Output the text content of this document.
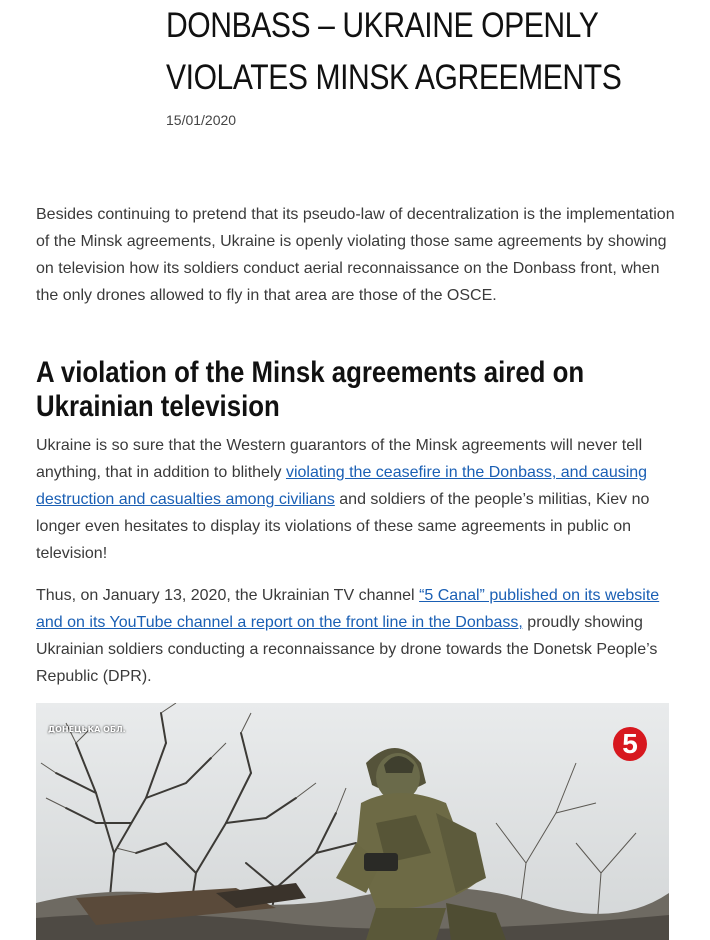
DONBASS – UKRAINE OPENLY
VIOLATES MINSK AGREEMENTS
15/01/2020

Besides continuing to pretend that its pseudo-law of decentralization is the implementation of the Minsk agreements, Ukraine is openly violating those same agreements by showing on television how its soldiers conduct aerial reconnaissance on the Donbass front, when the only drones allowed to fly in that area are those of the OSCE.

A violation of the Minsk agreements aired on Ukrainian television

Ukraine is so sure that the Western guarantors of the Minsk agreements will never tell anything, that in addition to blithely violating the ceasefire in the Donbass, and causing destruction and casualties among civilians and soldiers of the people’s militias, Kiev no longer even hesitates to display its violations of these same agreements in public on television!

Thus, on January 13, 2020, the Ukrainian TV channel “5 Canal” published on its website and on its YouTube channel a report on the front line in the Donbass, proudly showing Ukrainian soldiers conducting a reconnaissance by drone towards the Donetsk People’s Republic (DPR).

ДОНЕЦЬКА ОБЛ.	5
